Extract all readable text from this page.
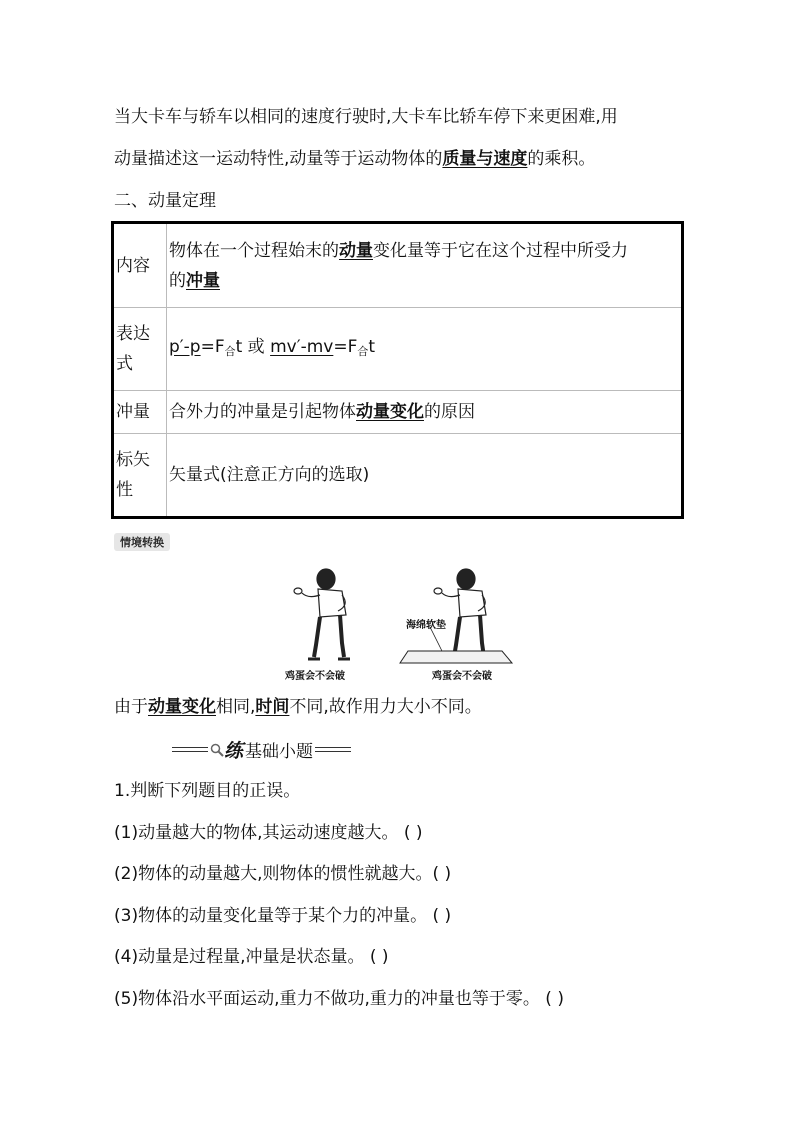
当大卡车与轿车以相同的速度行驶时,大卡车比轿车停下来更困难,用
动量描述这一运动特性,动量等于运动物体的质量与速度的乘积。
二、动量定理
内容	物体在一个过程始末的动量变化量等于它在这个过程中所受力
的冲量

表达
式	$p'-p=F_合t$ 或 $mv'-mv=F_合t$
冲量	合外力的冲量是引起物体动量变化的原因

标矢
性	矢量式(注意正方向的选取)
情境转换
海绵软垫
鸡蛋会不会破	鸡蛋会不会破
由于动量变化相同,时间不同,故作用力大小不同。
练 基础小题
1.判断下列题目的正误。
(1)动量越大的物体,其运动速度越大。 ( )
(2)物体的动量越大,则物体的惯性就越大。( )
(3)物体的动量变化量等于某个力的冲量。 ( )
(4)动量是过程量,冲量是状态量。 ( )
(5)物体沿水平面运动,重力不做功,重力的冲量也等于零。 ( )
